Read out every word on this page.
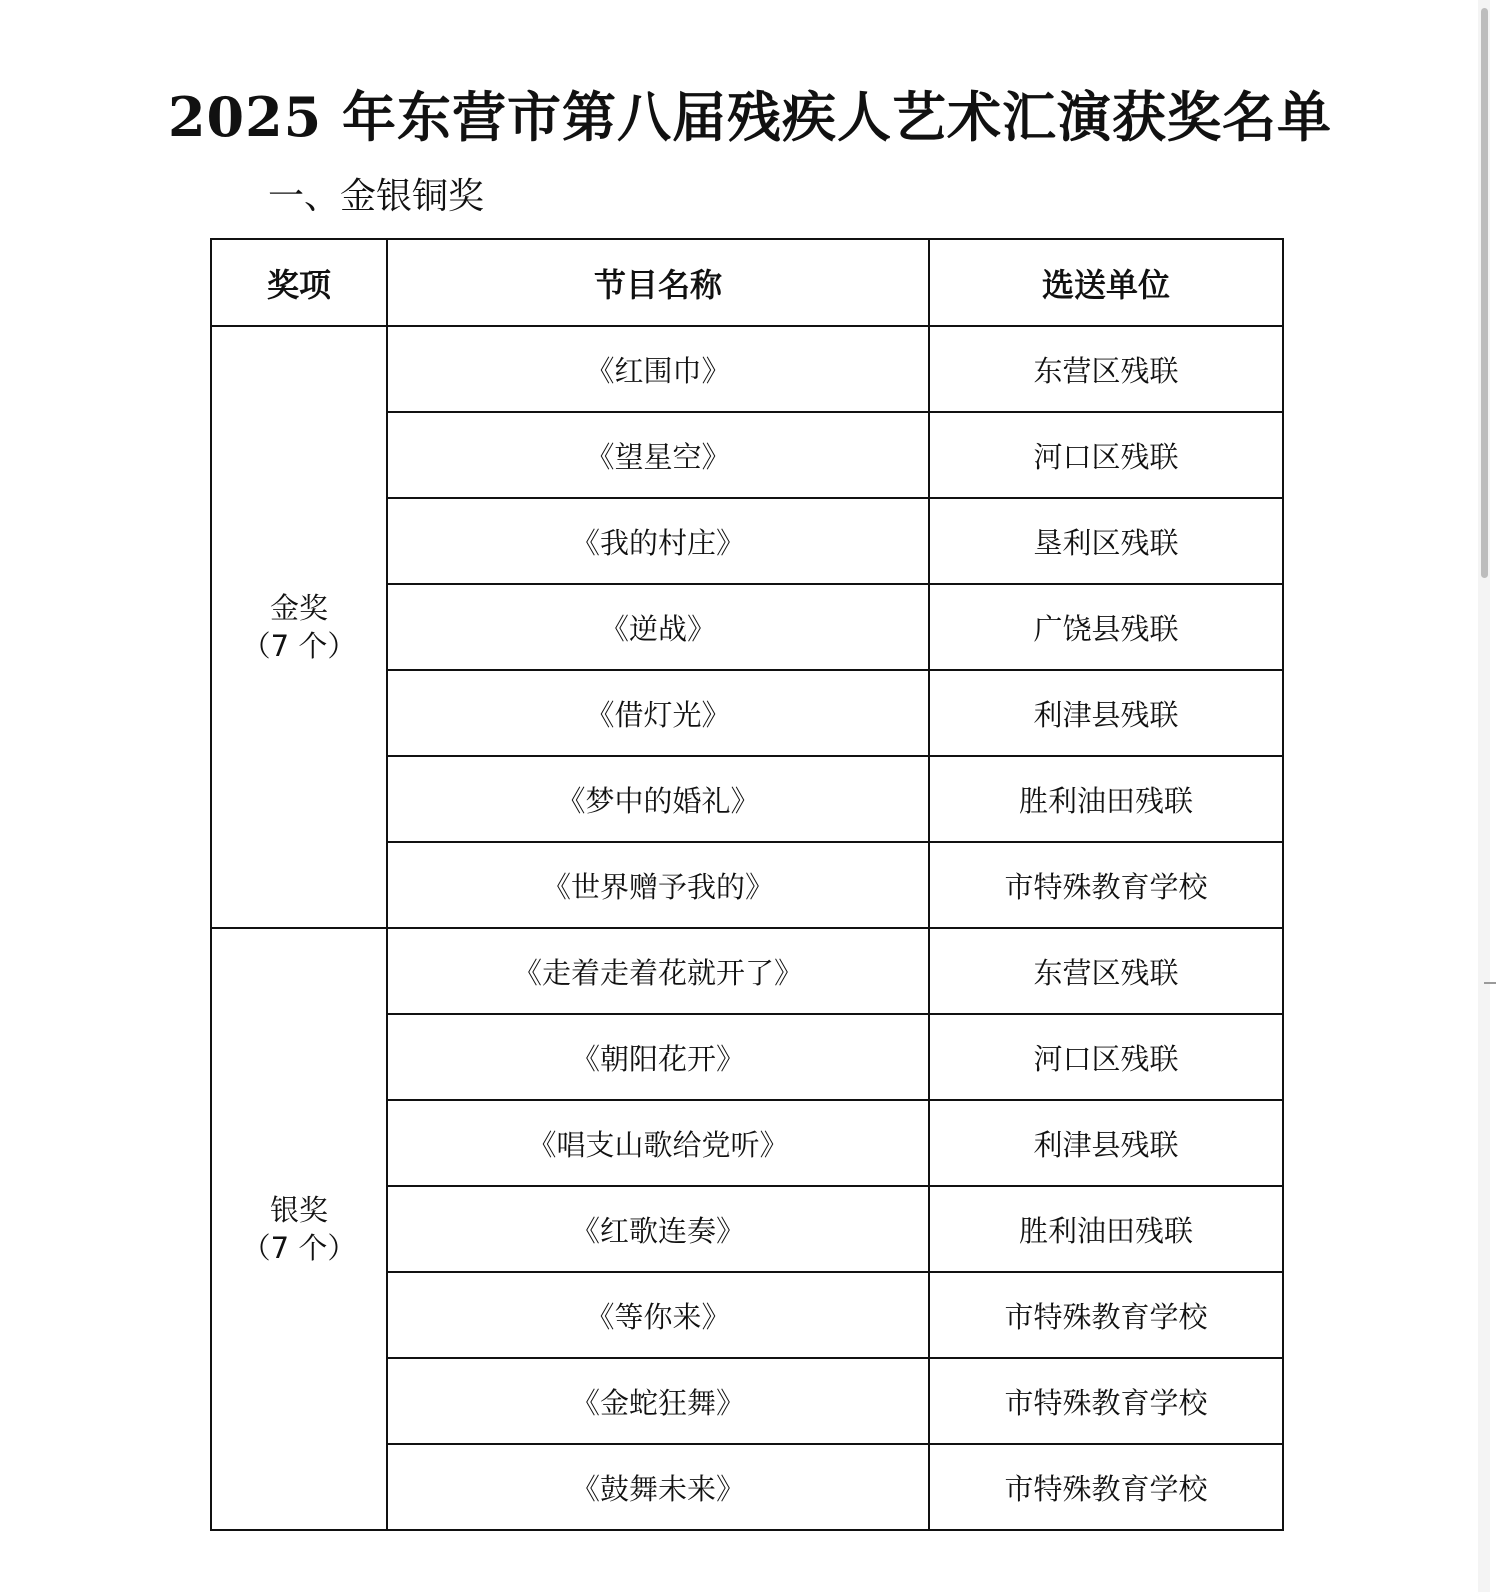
2025 年东营市第八届残疾人艺术汇演获奖名单
一、金银铜奖
奖项	节目名称	选送单位

金奖
（7 个）	《红围巾》	东营区残联
	《望星空》	河口区残联
	《我的村庄》	垦利区残联
	《逆战》	广饶县残联
	《借灯光》	利津县残联
	《梦中的婚礼》	胜利油田残联
	《世界赠予我的》	市特殊教育学校

银奖
（7 个）	《走着走着花就开了》	东营区残联
	《朝阳花开》	河口区残联
	《唱支山歌给党听》	利津县残联
	《红歌连奏》	胜利油田残联
	《等你来》	市特殊教育学校
	《金蛇狂舞》	市特殊教育学校
	《鼓舞未来》	市特殊教育学校
